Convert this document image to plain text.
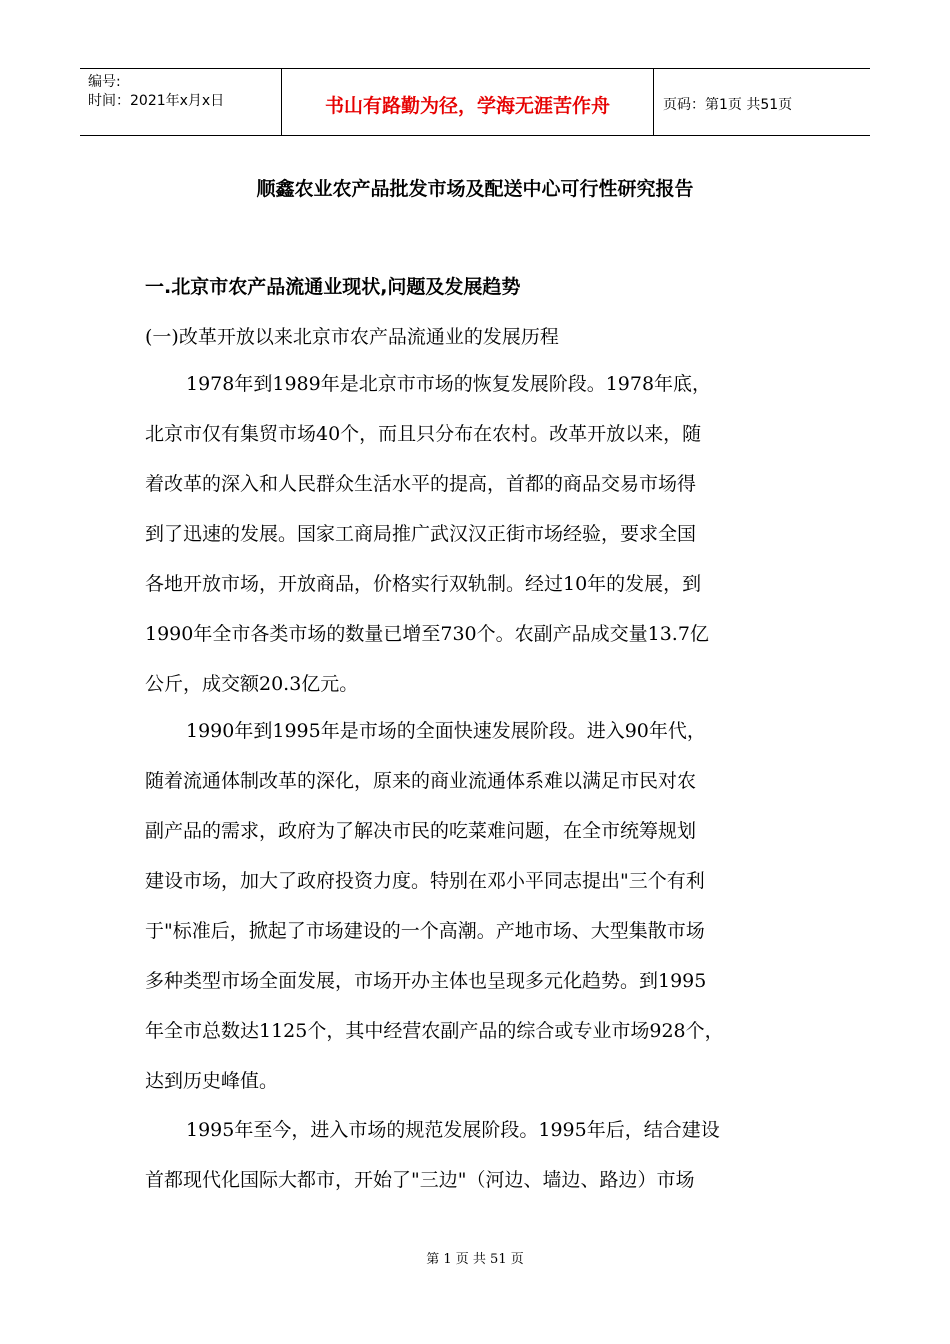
编号:
时间：2021年x月x日	书山有路勤为径，学海无涯苦作舟	页码：第1页 共51页
顺鑫农业农产品批发市场及配送中心可行性研究报告
一.北京市农产品流通业现状,问题及发展趋势
(一)改革开放以来北京市农产品流通业的发展历程
1978年到1989年是北京市市场的恢复发展阶段。1978年底，
北京市仅有集贸市场40个，而且只分布在农村。改革开放以来，随
着改革的深入和人民群众生活水平的提高，首都的商品交易市场得
到了迅速的发展。国家工商局推广武汉汉正街市场经验，要求全国
各地开放市场，开放商品，价格实行双轨制。经过10年的发展，到
1990年全市各类市场的数量已增至730个。农副产品成交量13.7亿
公斤，成交额20.3亿元。
1990年到1995年是市场的全面快速发展阶段。进入90年代，
随着流通体制改革的深化，原来的商业流通体系难以满足市民对农
副产品的需求，政府为了解决市民的吃菜难问题，在全市统筹规划
建设市场，加大了政府投资力度。特别在邓小平同志提出"三个有利
于"标准后，掀起了市场建设的一个高潮。产地市场、大型集散市场
多种类型市场全面发展，市场开办主体也呈现多元化趋势。到1995
年全市总数达1125个，其中经营农副产品的综合或专业市场928个，
达到历史峰值。
1995年至今，进入市场的规范发展阶段。1995年后，结合建设
首都现代化国际大都市，开始了"三边"（河边、墙边、路边）市场
第 1 页 共 51 页
